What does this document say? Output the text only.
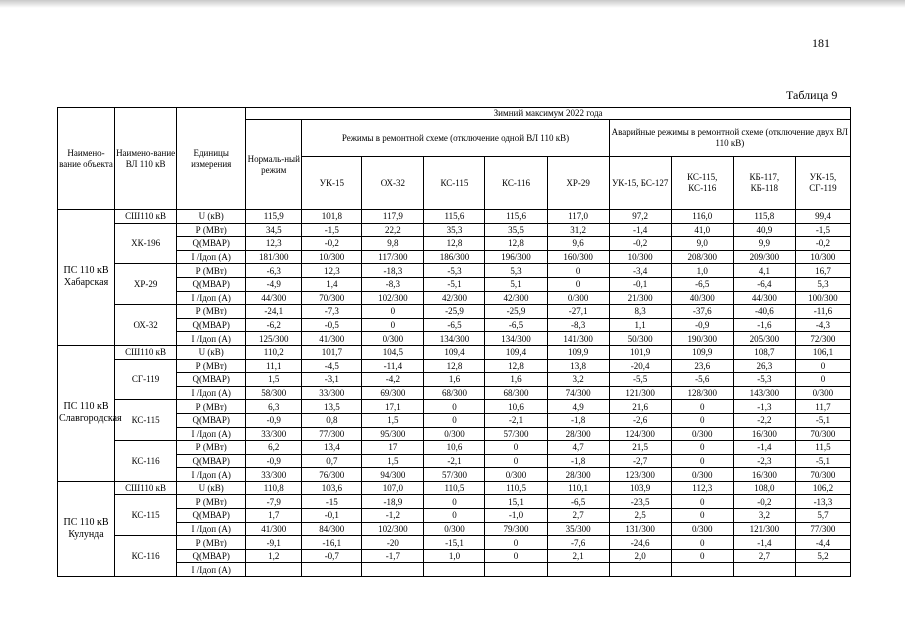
181
Таблица 9
Наимено-вание объекта	Наимено-вание ВЛ 110 кВ	Единицы измерения	Зимний максимум 2022 года									
			Нормаль-ный режим	Режимы в ремонтной схеме (отключение одной ВЛ 110 кВ)					Аварийные режимы в ремонтной схеме (отключение двух ВЛ 110 кВ)			
				УК-15	ОХ-32	КС-115	КС-116	ХР-29	УК-15, БС-127	КС-115, КС-116	КБ-117, КБ-118	УК-15, СГ-119
ПС 110 кВ Хабарская	СШ110 кВ	U (кВ)	115,9	101,8	117,9	115,6	115,6	117,0	97,2	116,0	115,8	99,4
	ХК-196	Р (МВт)	34,5	-1,5	22,2	35,3	35,5	31,2	-1,4	41,0	40,9	-1,5
		Q(МВАР)	12,3	-0,2	9,8	12,8	12,8	9,6	-0,2	9,0	9,9	-0,2
		I /Iдоп (А)	181/300	10/300	117/300	186/300	196/300	160/300	10/300	208/300	209/300	10/300
	ХР-29	Р (МВт)	-6,3	12,3	-18,3	-5,3	5,3	0	-3,4	1,0	4,1	16,7
		Q(МВАР)	-4,9	1,4	-8,3	-5,1	5,1	0	-0,1	-6,5	-6,4	5,3
		I /Iдоп (А)	44/300	70/300	102/300	42/300	42/300	0/300	21/300	40/300	44/300	100/300
	ОХ-32	Р (МВт)	-24,1	-7,3	0	-25,9	-25,9	-27,1	8,3	-37,6	-40,6	-11,6
		Q(МВАР)	-6,2	-0,5	0	-6,5	-6,5	-8,3	1,1	-0,9	-1,6	-4,3
		I /Iдоп (А)	125/300	41/300	0/300	134/300	134/300	141/300	50/300	190/300	205/300	72/300
ПС 110 кВ Славгородская	СШ110 кВ	U (кВ)	110,2	101,7	104,5	109,4	109,4	109,9	101,9	109,9	108,7	106,1
	СГ-119	Р (МВт)	11,1	-4,5	-11,4	12,8	12,8	13,8	-20,4	23,6	26,3	0
		Q(МВАР)	1,5	-3,1	-4,2	1,6	1,6	3,2	-5,5	-5,6	-5,3	0
		I /Iдоп (А)	58/300	33/300	69/300	68/300	68/300	74/300	121/300	128/300	143/300	0/300
	КС-115	Р (МВт)	6,3	13,5	17,1	0	10,6	4,9	21,6	0	-1,3	11,7
		Q(МВАР)	-0,9	0,8	1,5	0	-2,1	-1,8	-2,6	0	-2,2	-5,1
		I /Iдоп (А)	33/300	77/300	95/300	0/300	57/300	28/300	124/300	0/300	16/300	70/300
	КС-116	Р (МВт)	6,2	13,4	17	10,6	0	4,7	21,5	0	-1,4	11,5
		Q(МВАР)	-0,9	0,7	1,5	-2,1	0	-1,8	-2,7	0	-2,3	-5,1
		I /Iдоп (А)	33/300	76/300	94/300	57/300	0/300	28/300	123/300	0/300	16/300	70/300
ПС 110 кВ Кулунда	СШ110 кВ	U (кВ)	110,8	103,6	107,0	110,5	110,5	110,1	103,9	112,3	108,0	106,2
	КС-115	Р (МВт)	-7,9	-15	-18,9	0	15,1	-6,5	-23,5	0	-0,2	-13,3
		Q(МВАР)	1,7	-0,1	-1,2	0	-1,0	2,7	2,5	0	3,2	5,7
		I /Iдоп (А)	41/300	84/300	102/300	0/300	79/300	35/300	131/300	0/300	121/300	77/300
	КС-116	Р (МВт)	-9,1	-16,1	-20	-15,1	0	-7,6	-24,6	0	-1,4	-4,4
		Q(МВАР)	1,2	-0,7	-1,7	1,0	0	2,1	2,0	0	2,7	5,2
		I /Iдоп (А)										
